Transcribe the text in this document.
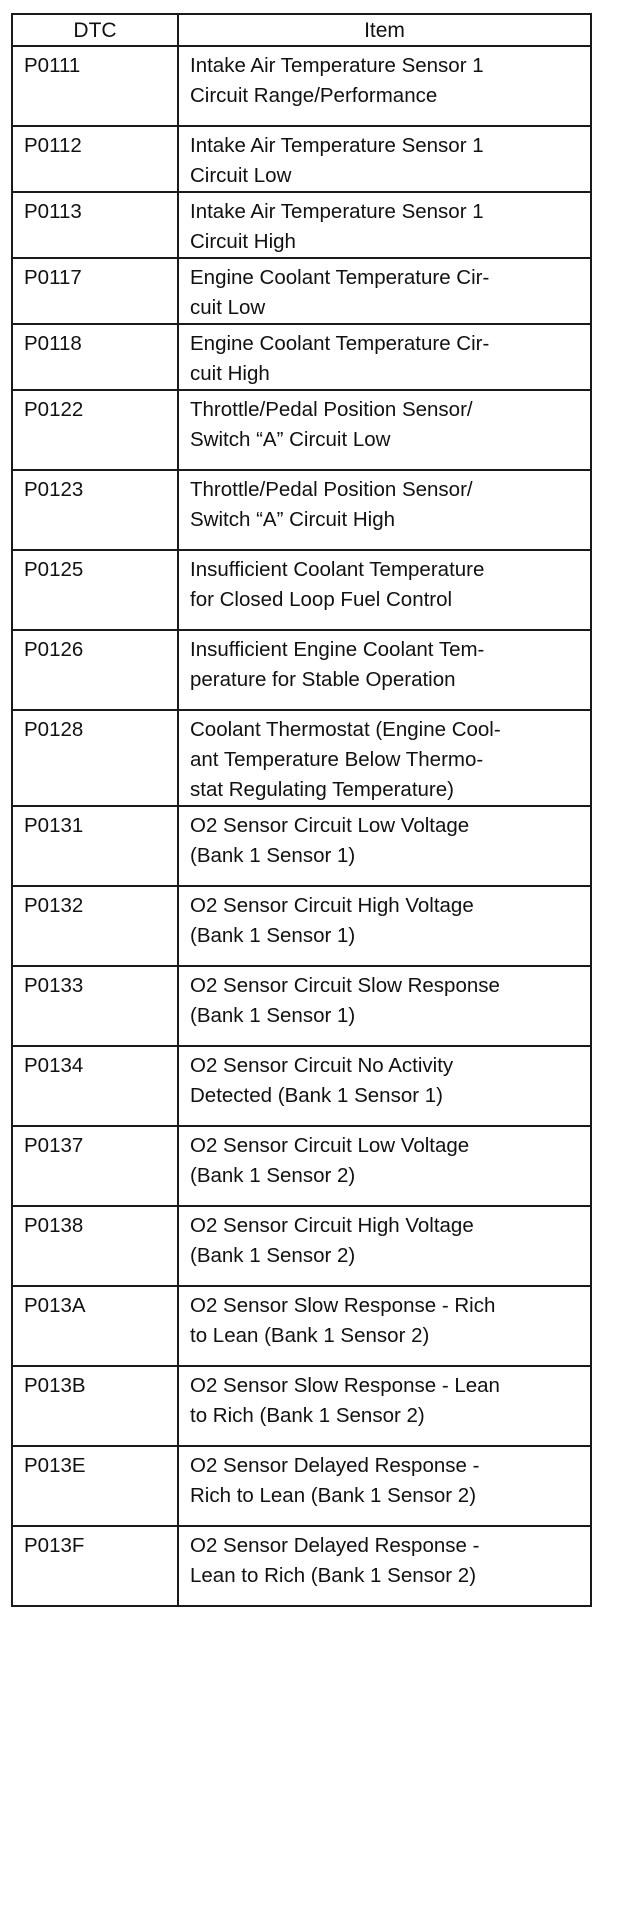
DTC	Item
P0111	Intake Air Temperature Sensor 1
Circuit Range/Performance

P0112	Intake Air Temperature Sensor 1
Circuit Low

P0113	Intake Air Temperature Sensor 1
Circuit High

P0117	Engine Coolant Temperature Cir-
cuit Low

P0118	Engine Coolant Temperature Cir-
cuit High

P0122	Throttle/Pedal Position Sensor/
Switch “A” Circuit Low

P0123	Throttle/Pedal Position Sensor/
Switch “A” Circuit High

P0125	Insufficient Coolant Temperature
for Closed Loop Fuel Control

P0126	Insufficient Engine Coolant Tem-
perature for Stable Operation

P0128	Coolant Thermostat (Engine Cool-
ant Temperature Below Thermo-
stat Regulating Temperature)

P0131	O2 Sensor Circuit Low Voltage
(Bank 1 Sensor 1)

P0132	O2 Sensor Circuit High Voltage
(Bank 1 Sensor 1)

P0133	O2 Sensor Circuit Slow Response
(Bank 1 Sensor 1)

P0134	O2 Sensor Circuit No Activity
Detected (Bank 1 Sensor 1)

P0137	O2 Sensor Circuit Low Voltage
(Bank 1 Sensor 2)

P0138	O2 Sensor Circuit High Voltage
(Bank 1 Sensor 2)

P013A	O2 Sensor Slow Response - Rich
to Lean (Bank 1 Sensor 2)

P013B	O2 Sensor Slow Response - Lean
to Rich (Bank 1 Sensor 2)

P013E	O2 Sensor Delayed Response -
Rich to Lean (Bank 1 Sensor 2)

P013F	O2 Sensor Delayed Response -
Lean to Rich (Bank 1 Sensor 2)
